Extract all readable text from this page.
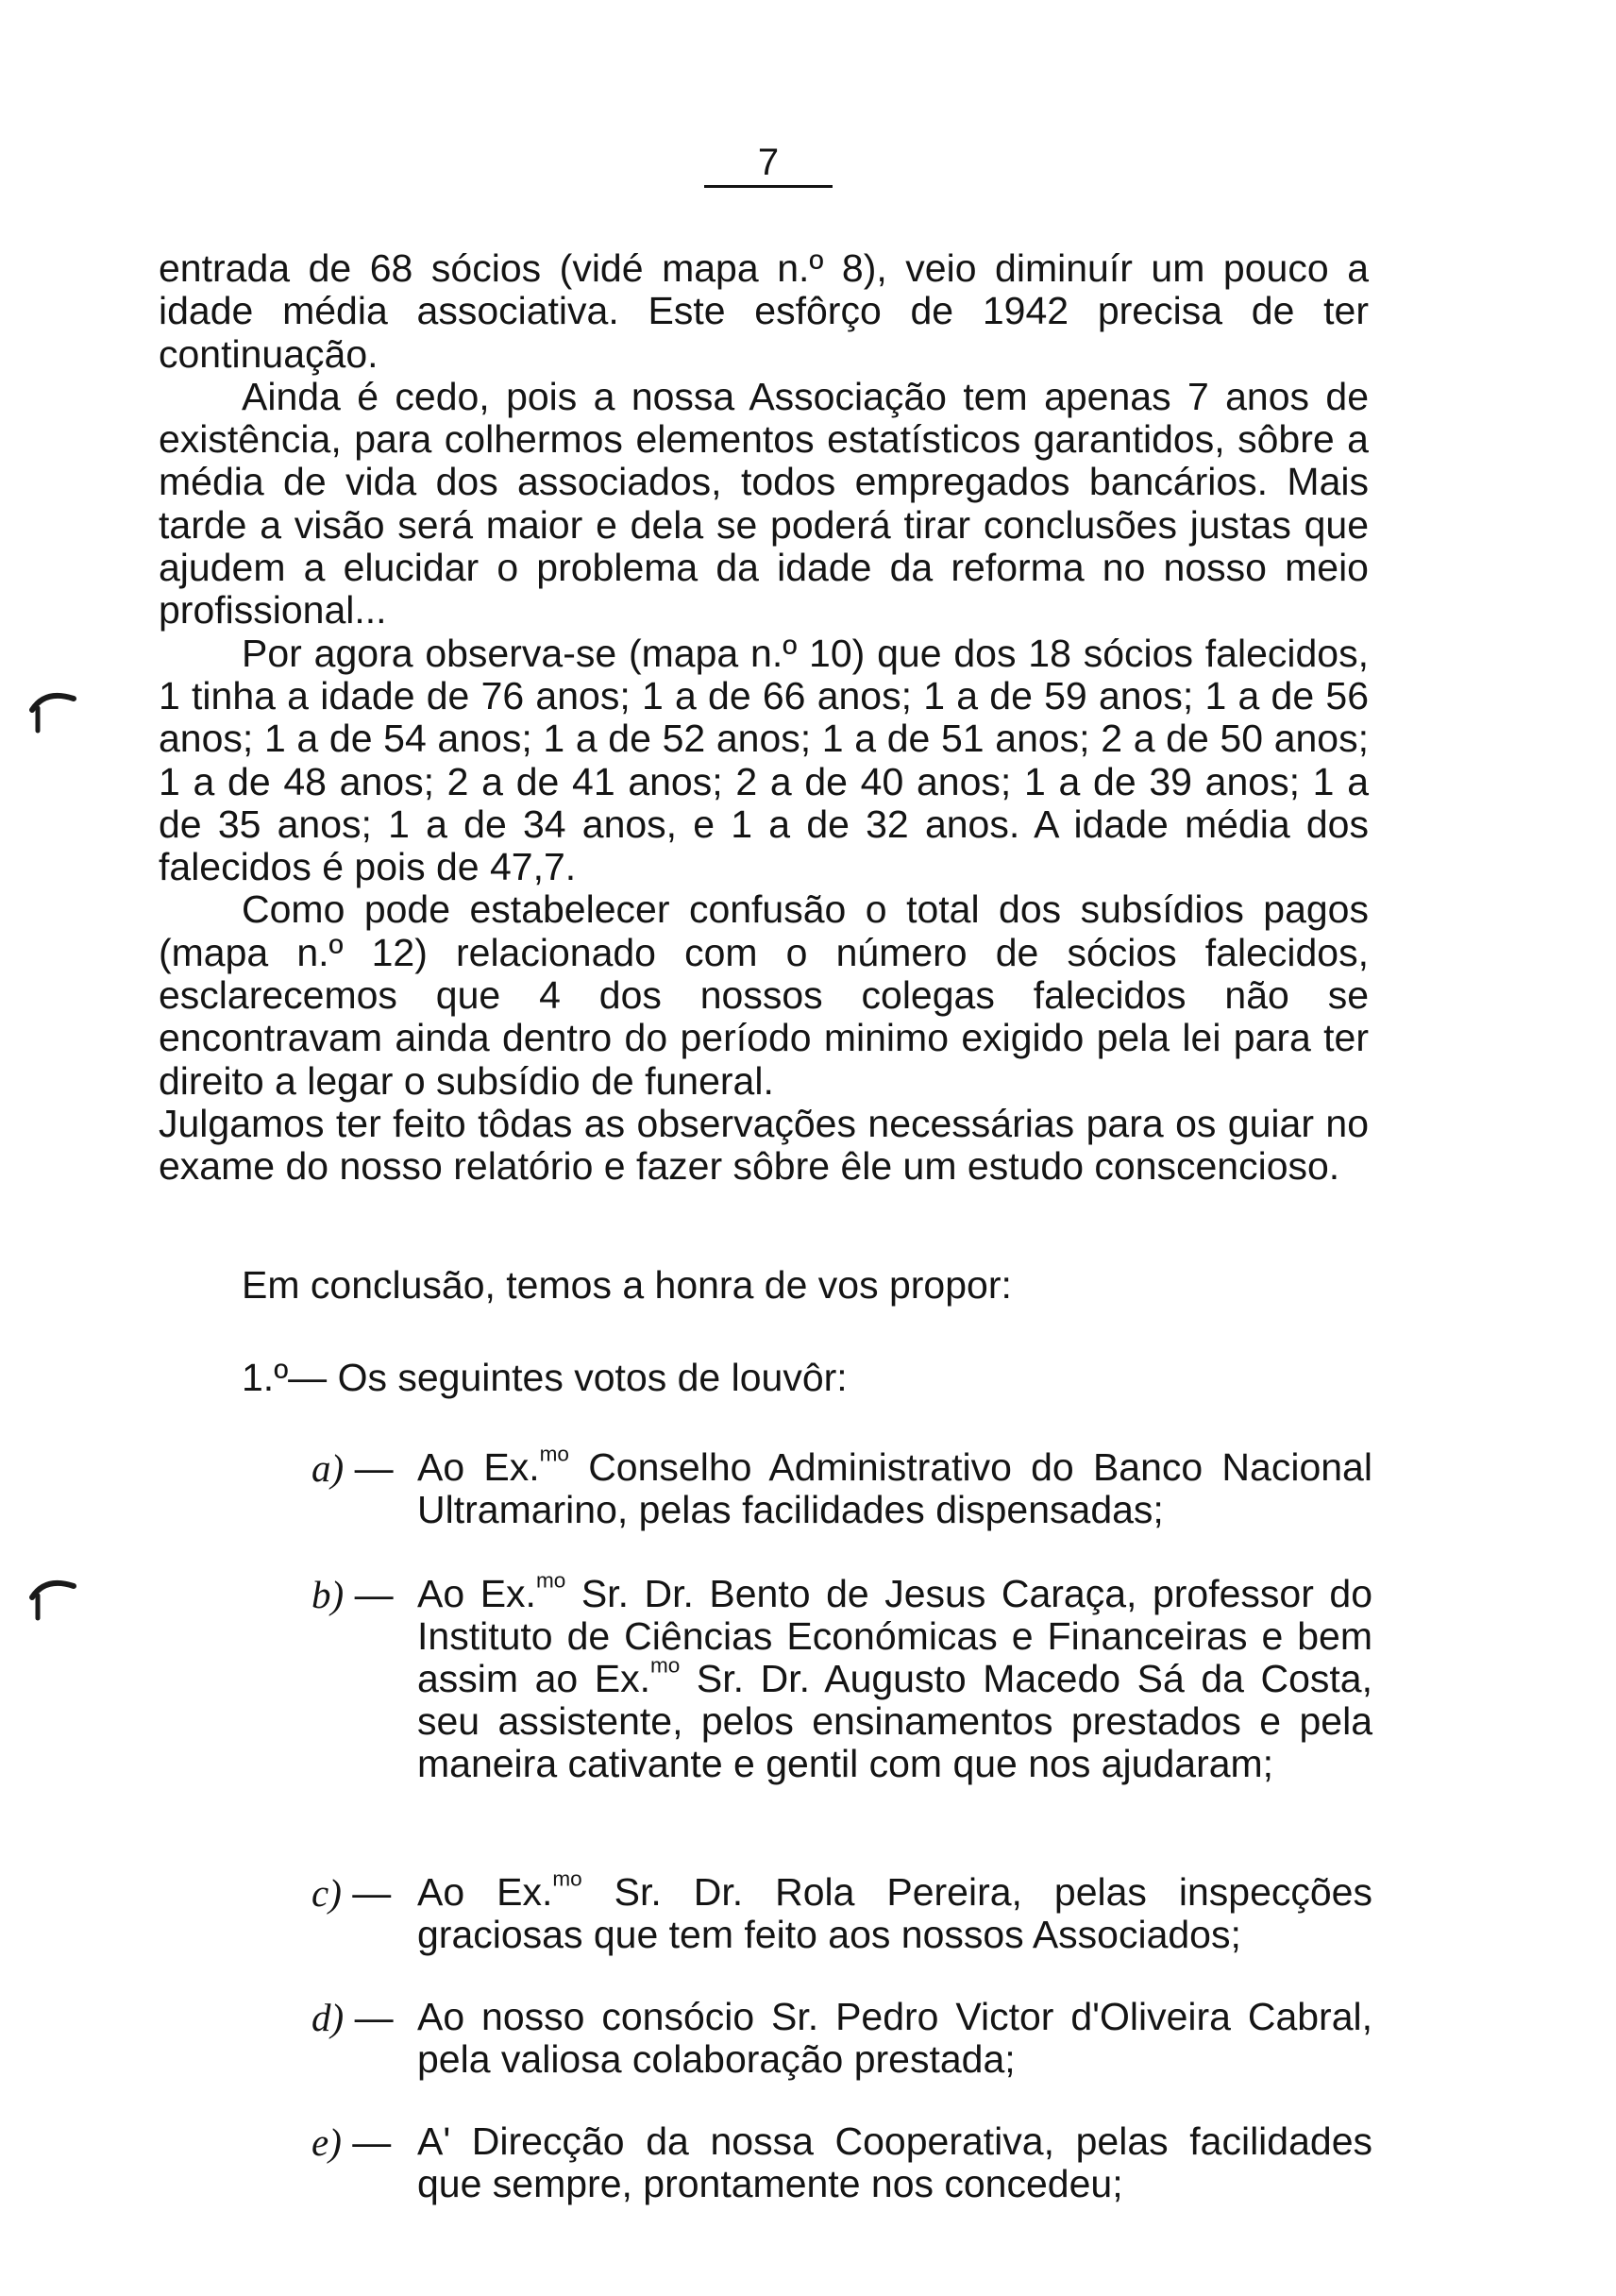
7

entrada de 68 sócios (vidé mapa n.º 8), veio diminuír um pouco a idade média associativa. Este esfôrço de 1942 precisa de ter continuação.

Ainda é cedo, pois a nossa Associação tem apenas 7 anos de existência, para colhermos elementos estatísticos garantidos, sôbre a média de vida dos associados, todos empregados bancários. Mais tarde a visão será maior e dela se poderá tirar conclusões justas que ajudem a elucidar o problema da idade da reforma no nosso meio profissional...

Por agora observa-se (mapa n.º 10) que dos 18 sócios falecidos, 1 tinha a idade de 76 anos; 1 a de 66 anos; 1 a de 59 anos; 1 a de 56 anos; 1 a de 54 anos; 1 a de 52 anos; 1 a de 51 anos; 2 a de 50 anos; 1 a de 48 anos; 2 a de 41 anos; 2 a de 40 anos; 1 a de 39 anos; 1 a de 35 anos; 1 a de 34 anos, e 1 a de 32 anos. A idade média dos falecidos é pois de 47,7.

Como pode estabelecer confusão o total dos subsídios pagos (mapa n.º 12) relacionado com o número de sócios falecidos, esclarecemos que 4 dos nossos colegas falecidos não se encontravam ainda dentro do período minimo exigido pela lei para ter direito a legar o subsídio de funeral.

Julgamos ter feito tôdas as observações necessárias para os guiar no exame do nosso relatório e fazer sôbre êle um estudo conscencioso.

Em conclusão, temos a honra de vos propor:
1.º— Os seguintes votos de louvôr:
a) — Ao Ex.$^{mo}$ Conselho Administrativo do Banco Nacional Ultramarino, pelas facilidades dispensadas;
b) — Ao Ex.$^{mo}$ Sr. Dr. Bento de Jesus Caraça, professor do Instituto de Ciências Económicas e Financeiras e bem assim ao Ex.$^{mo}$ Sr. Dr. Augusto Macedo Sá da Costa, seu assistente, pelos ensinamentos prestados e pela maneira cativante e gentil com que nos ajudaram;
c) — Ao Ex.$^{mo}$ Sr. Dr. Rola Pereira, pelas inspecções graciosas que tem feito aos nossos Associados;
d) — Ao nosso consócio Sr. Pedro Victor d'Oliveira Cabral, pela valiosa colaboração prestada;
e) — A' Direcção da nossa Cooperativa, pelas facilidades que sempre, prontamente nos concedeu;
